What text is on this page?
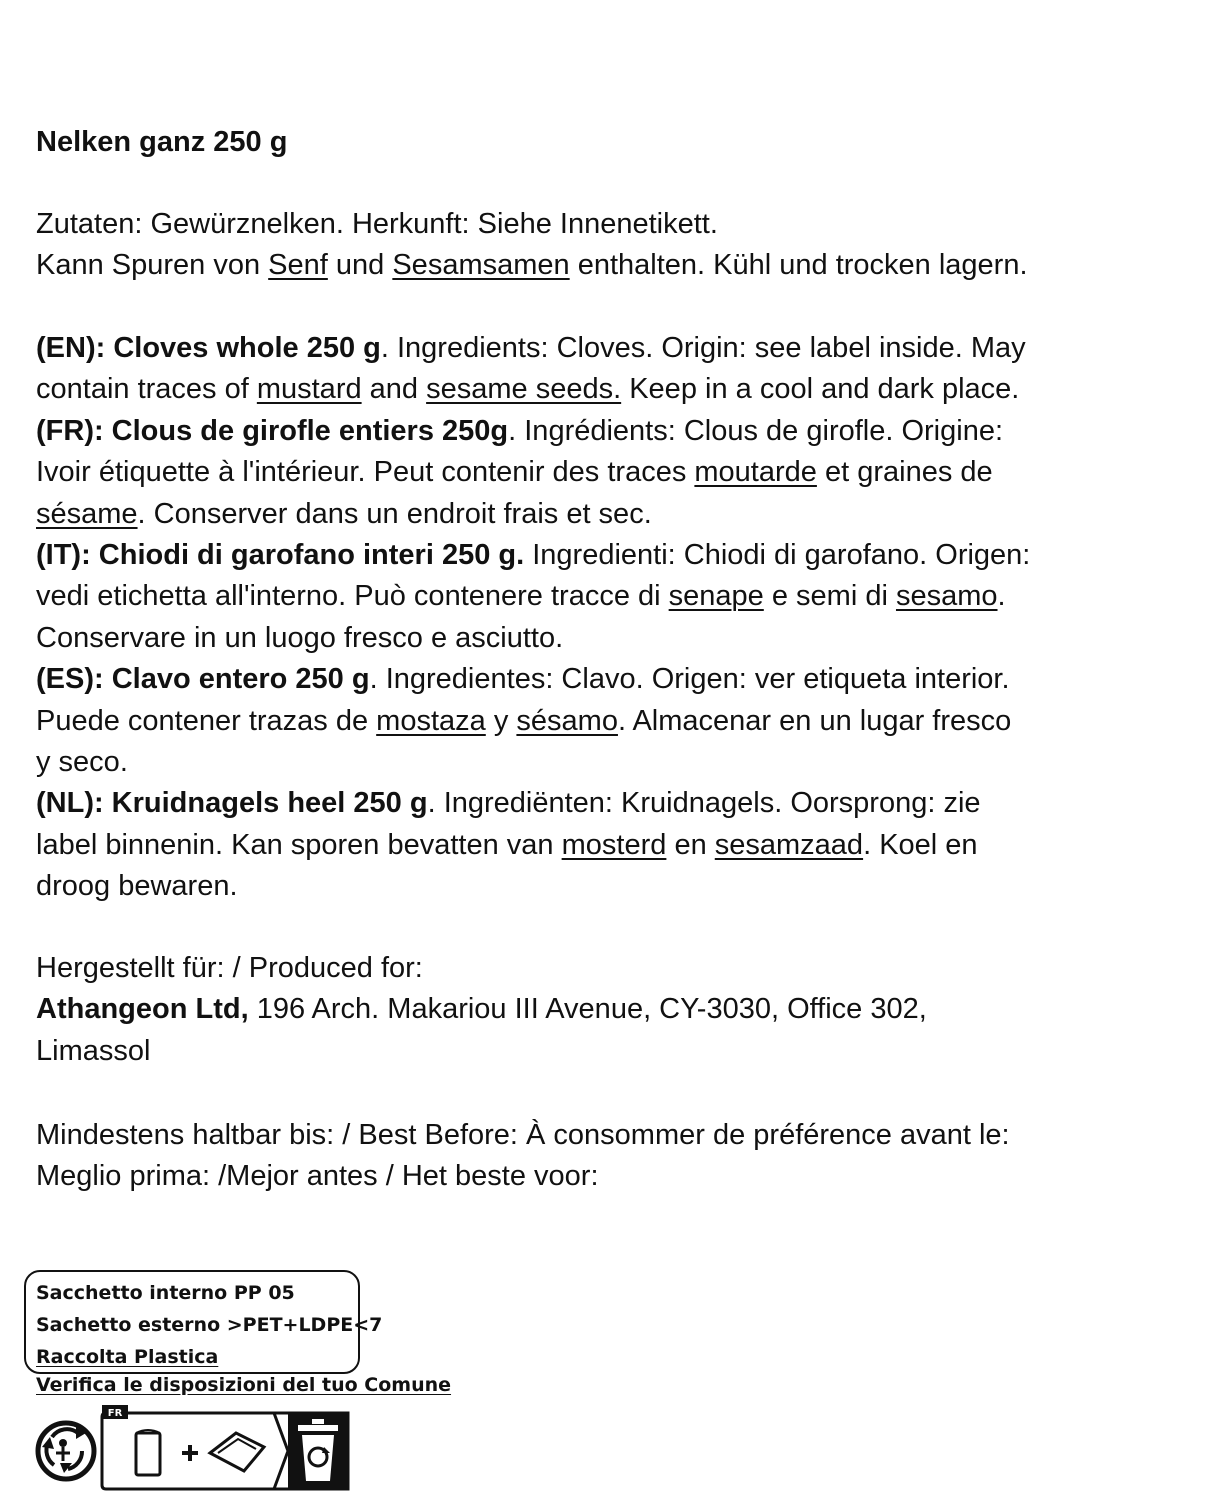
Nelken ganz 250 g
Zutaten: Gewürznelken. Herkunft: Siehe Innenetikett.
Kann Spuren von Senf und Sesamsamen enthalten. Kühl und trocken lagern.
(EN): Cloves whole 250 g. Ingredients: Cloves. Origin: see label inside. May
contain traces of mustard and sesame seeds. Keep in a cool and dark place.
(FR): Clous de girofle entiers 250g. Ingrédients: Clous de girofle. Origine:
Ivoir étiquette à l'intérieur. Peut contenir des traces moutarde et graines de
sésame. Conserver dans un endroit frais et sec.
(IT): Chiodi di garofano interi 250 g. Ingredienti: Chiodi di garofano. Origen:
vedi etichetta all'interno. Può contenere tracce di senape e semi di sesamo.
Conservare in un luogo fresco e asciutto.
(ES): Clavo entero 250 g. Ingredientes: Clavo. Origen: ver etiqueta interior.
Puede contener trazas de mostaza y sésamo. Almacenar en un lugar fresco
y seco.
(NL): Kruidnagels heel 250 g. Ingrediënten: Kruidnagels. Oorsprong: zie
label binnenin. Kan sporen bevatten van mosterd en sesamzaad. Koel en
droog bewaren.
Hergestellt für: / Produced for:
Athangeon Ltd, 196 Arch. Makariou III Avenue, CY-3030, Office 302,
Limassol
Mindestens haltbar bis: / Best Before: À consommer de préférence avant le:
Meglio prima: /Mejor antes / Het beste voor:
Sacchetto interno PP 05
Sachetto esterno >PET+LDPE<7
Raccolta Plastica
Verifica le disposizioni del tuo Comune
FR
